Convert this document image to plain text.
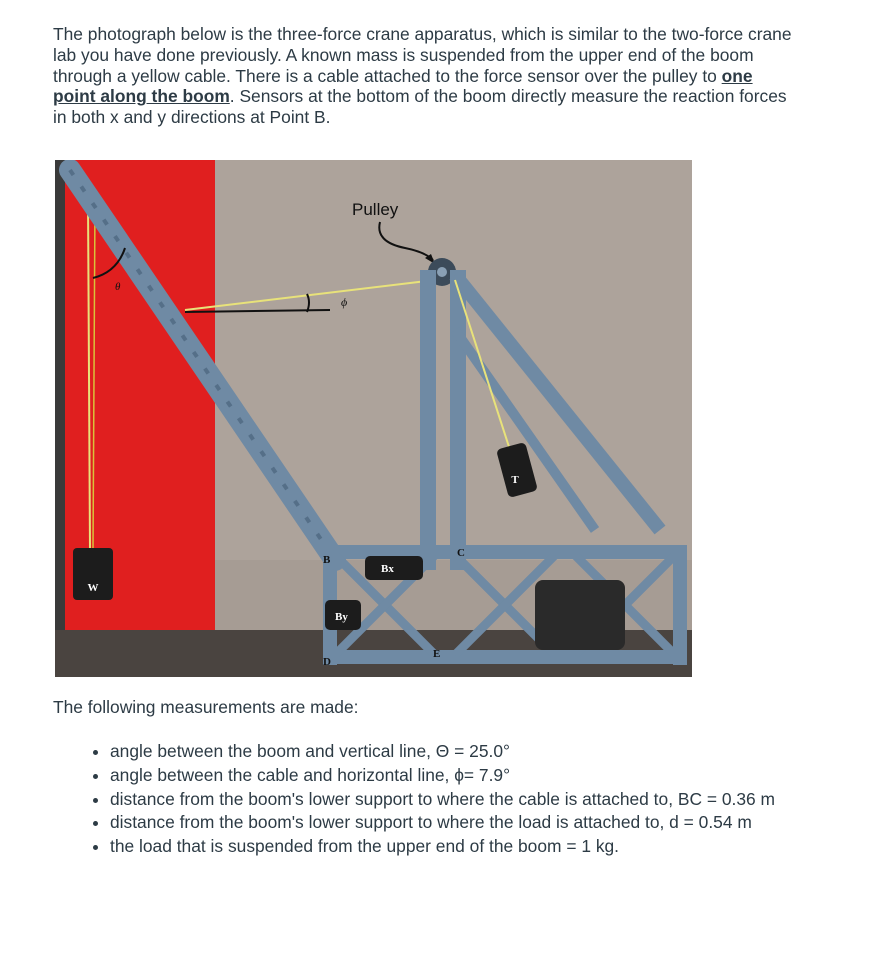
The photograph below is the three-force crane apparatus, which is similar to the two-force crane lab you have done previously. A known mass is suspended from the upper end of the boom through a yellow cable. There is a cable attached to the force sensor over the pulley to one point along the boom. Sensors at the bottom of the boom directly measure the reaction forces in both x and y directions at Point B.
W
θ
ϕ
Pulley
T
Bx
By
B
C
D
E
The following measurements are made:
• angle between the boom and vertical line, Θ = 25.0°
• angle between the cable and horizontal line, ϕ= 7.9°
• distance from the boom's lower support to where the cable is attached to, BC = 0.36 m
• distance from the boom's lower support to where the load is attached to, d = 0.54 m
• the load that is suspended from the upper end of the boom = 1 kg.
